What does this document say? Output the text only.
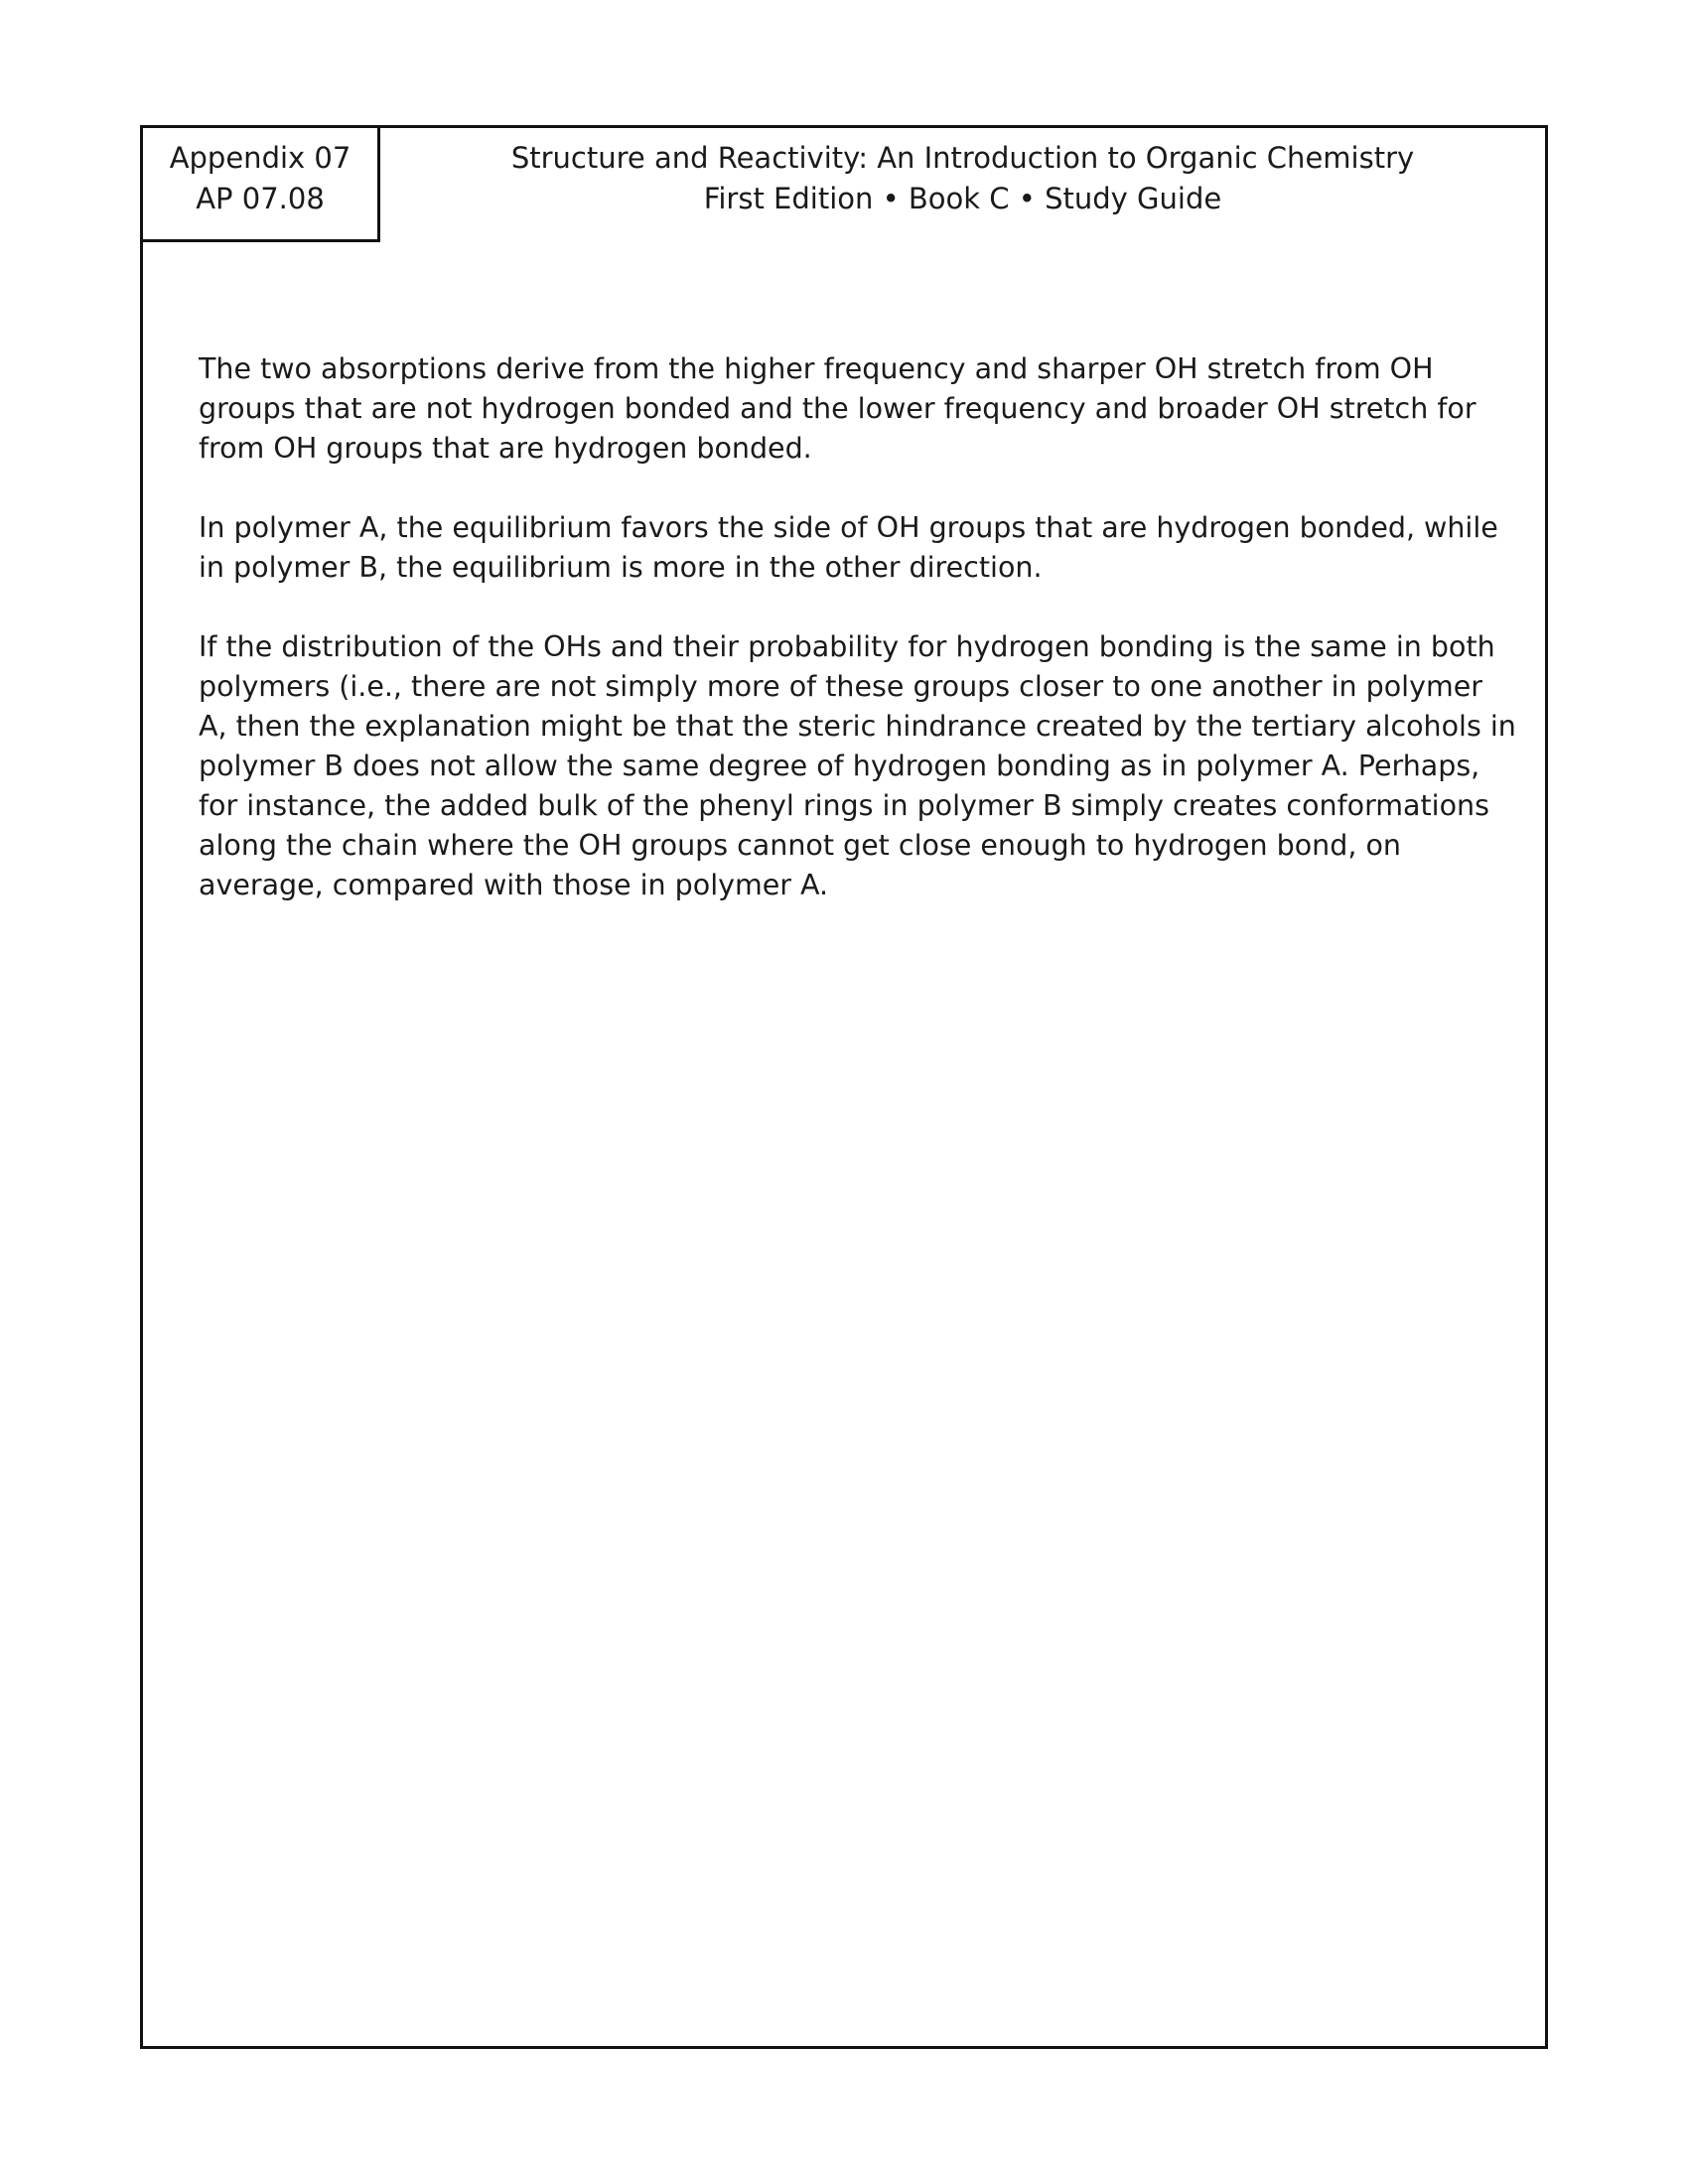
Appendix 07
AP 07.08
Structure and Reactivity: An Introduction to Organic Chemistry
First Edition • Book C • Study Guide

The two absorptions derive from the higher frequency and sharper OH stretch from OH groups that are not hydrogen bonded and the lower frequency and broader OH stretch for from OH groups that are hydrogen bonded.

In polymer A, the equilibrium favors the side of OH groups that are hydrogen bonded, while in polymer B, the equilibrium is more in the other direction.

If the distribution of the OHs and their probability for hydrogen bonding is the same in both polymers (i.e., there are not simply more of these groups closer to one another in polymer A, then the explanation might be that the steric hindrance created by the tertiary alcohols in polymer B does not allow the same degree of hydrogen bonding as in polymer A. Perhaps, for instance, the added bulk of the phenyl rings in polymer B simply creates conformations along the chain where the OH groups cannot get close enough to hydrogen bond, on average, compared with those in polymer A.
